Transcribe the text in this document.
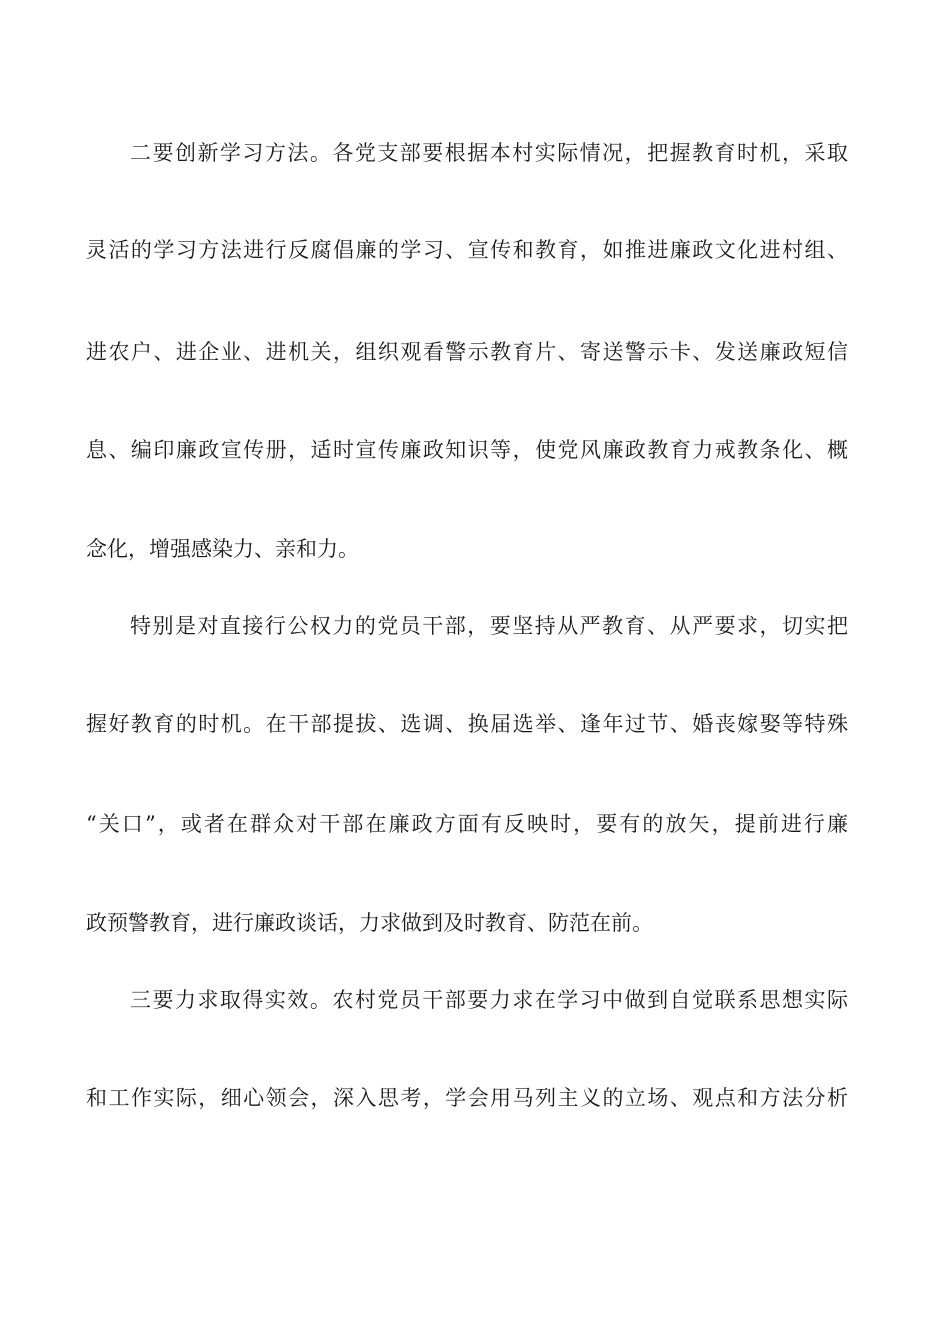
二要创新学习方法。各党支部要根据本村实际情况，把握教育时机，采取
灵活的学习方法进行反腐倡廉的学习、宣传和教育，如推进廉政文化进村组、
进农户、进企业、进机关，组织观看警示教育片、寄送警示卡、发送廉政短信
息、编印廉政宣传册，适时宣传廉政知识等，使党风廉政教育力戒教条化、概
念化，增强感染力、亲和力。
特别是对直接行公权力的党员干部，要坚持从严教育、从严要求，切实把
握好教育的时机。在干部提拔、选调、换届选举、逢年过节、婚丧嫁娶等特殊
“关口”，或者在群众对干部在廉政方面有反映时，要有的放矢，提前进行廉
政预警教育，进行廉政谈话，力求做到及时教育、防范在前。
三要力求取得实效。农村党员干部要力求在学习中做到自觉联系思想实际
和工作实际，细心领会，深入思考，学会用马列主义的立场、观点和方法分析
